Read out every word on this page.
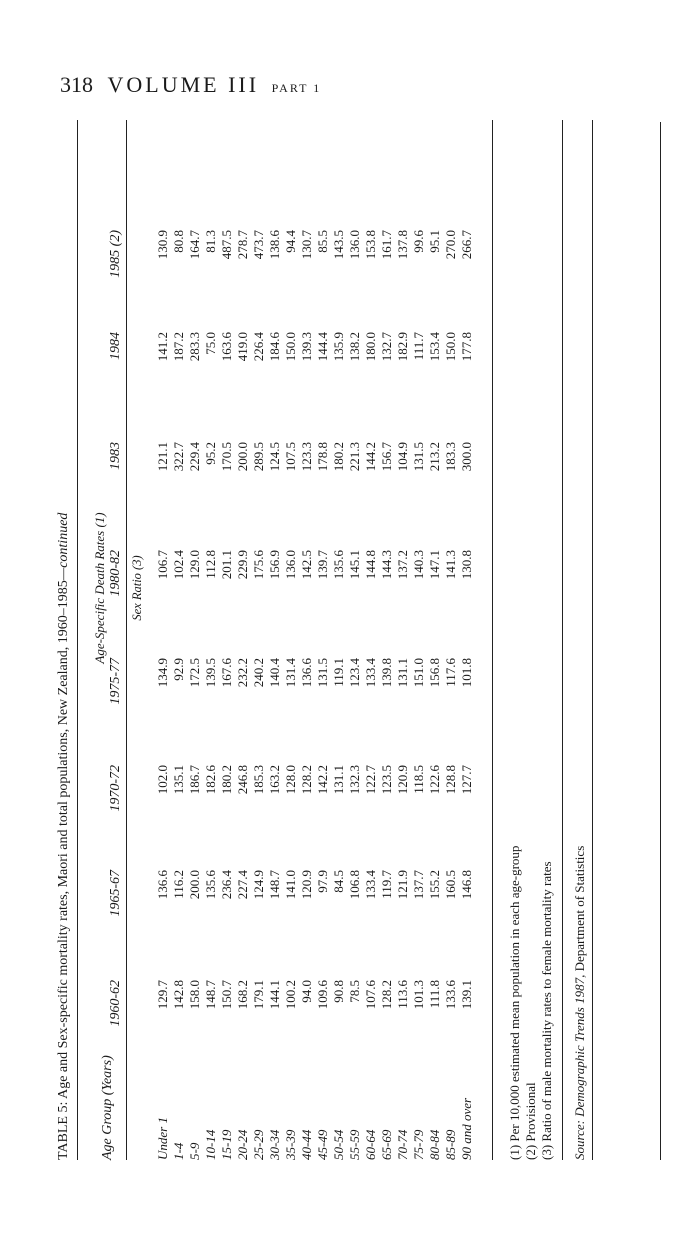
318 VOLUME III PART 1
TABLE 5: Age and Sex-specific mortality rates, Maori and total populations, New Zealand, 1960–1985—continued
Age Group (Years)
Age-Specific Death Rates (1) Sex Ratio (3)
Under 1 1-4 5-9 10-14 15-19 20-24 25-29 30-34 35-39 40-44 45-49 50-54 55-59 60-64 65-69 70-74 75-79 80-84 85-89 90 and over	(1) Per 10,000 estimated mean population in each age-group (2) Provisional (3) Ratio of male mortality rates to female mortality rates Source: Demographic Trends 1987, Department of Statistics
1960-62 129.7 142.8 158.0 148.7 150.7 168.2 179.1 144.1 100.2 94.0 109.6 90.8 78.5 107.6 128.2 113.6 101.3 111.8 133.6 139.1
1965-67 136.6 116.2 200.0 135.6 236.4 227.4 124.9 148.7 141.0 120.9 97.9 84.5 106.8 133.4 119.7 121.9 137.7 155.2 160.5 146.8
1970-72 102.0 135.1 186.7 182.6 180.2 246.8 185.3 163.2 128.0 128.2 142.2 131.1 132.3 122.7 123.5 120.9 118.5 122.6 128.8 127.7
1975-77 134.9 92.9 172.5 139.5 167.6 232.2 240.2 140.4 131.4 136.6 131.5 119.1 123.4 133.4 139.8 131.1 151.0 156.8 117.6 101.8
1980-82 106.7 102.4 129.0 112.8 201.1 229.9 175.6 156.9 136.0 142.5 139.7 135.6 145.1 144.8 144.3 137.2 140.3 147.1 141.3 130.8
1983 121.1 322.7 229.4 95.2 170.5 200.0 289.5 124.5 107.5 123.3 178.8 180.2 221.3 144.2 156.7 104.9 131.5 213.2 183.3 300.0
1984 141.2 187.2 283.3 75.0 163.6 419.0 226.4 184.6 150.0 139.3 144.4 135.9 138.2 180.0 132.7 182.9 111.7 153.4 150.0 177.8
1985 (2) 130.9 80.8 164.7 81.3 487.5 278.7 473.7 138.6 94.4 130.7 85.5 143.5 136.0 153.8 161.7 137.8 99.6 95.1 270.0 266.7
